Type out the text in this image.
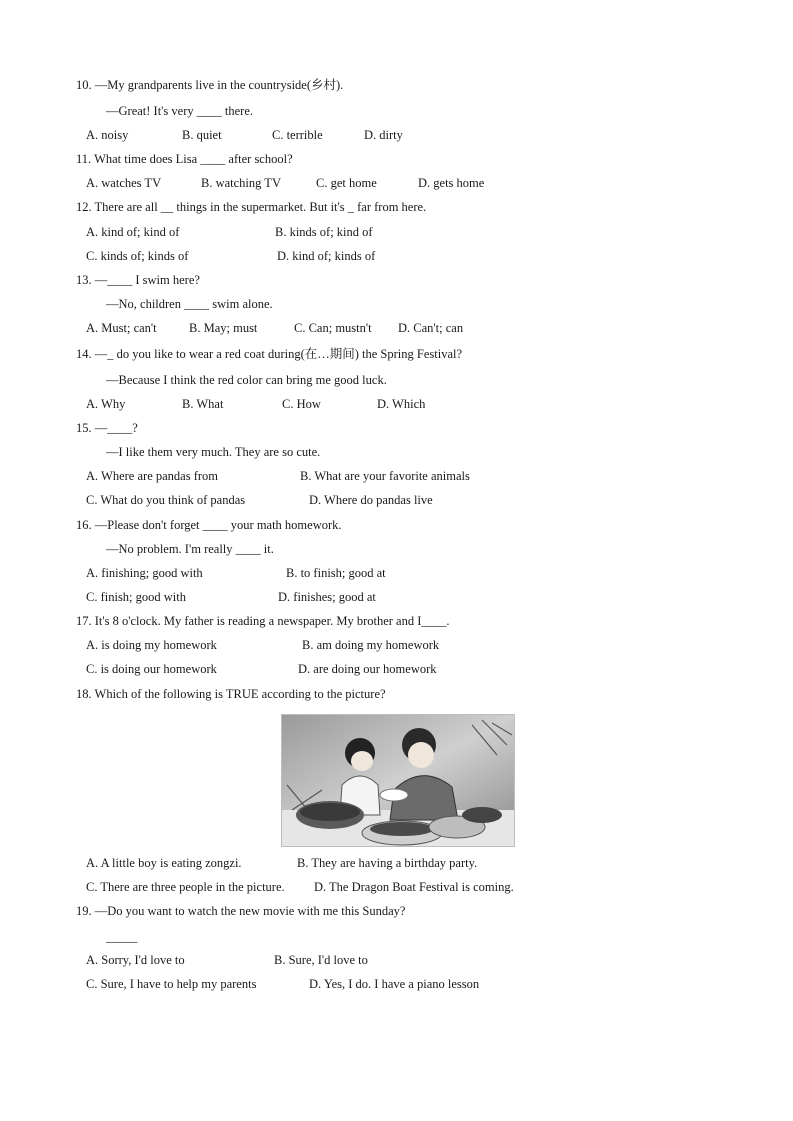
10. —My grandparents live in the countryside(乡村).
—Great! It's very ____ there.
A. noisy	B. quiet	C. terrible	D. dirty
11. What time does Lisa ____ after school?
A. watches TV	B. watching TV	C. get home	D. gets home
12. There are all __ things in the supermarket. But it's _ far from here.
A. kind of; kind of	B. kinds of; kind of
C. kinds of; kinds of	D. kind of; kinds of
13. —____ I swim here?
—No, children ____ swim alone.
A. Must; can't	B. May; must	C. Can; mustn't D. Can't; can
14. —_ do you like to wear a red coat during(在…期间) the Spring Festival?
—Because I think the red color can bring me good luck.
A. Why	B. What	C. How	D. Which
15. —____?
—I like them very much. They are so cute.
A. Where are pandas from	B. What are your favorite animals
C. What do you think of pandas	D. Where do pandas live
16. —Please don't forget ____ your math homework.
—No problem. I'm really ____ it.
A. finishing; good with	B. to finish; good at
C. finish; good with	D. finishes; good at
17. It's 8 o'clock. My father is reading a newspaper. My brother and I____.
A. is doing my homework	B. am doing my homework
C. is doing our homework	D. are doing our homework
18. Which of the following is TRUE according to the picture?
A. A little boy is eating zongzi.	B. They are having a birthday party.
C. There are three people in the picture. D. The Dragon Boat Festival is coming.
19. —Do you want to watch the new movie with me this Sunday?
_____
A. Sorry, I'd love to	B. Sure, I'd love to
C. Sure, I have to help my parents	D. Yes, I do. I have a piano lesson
